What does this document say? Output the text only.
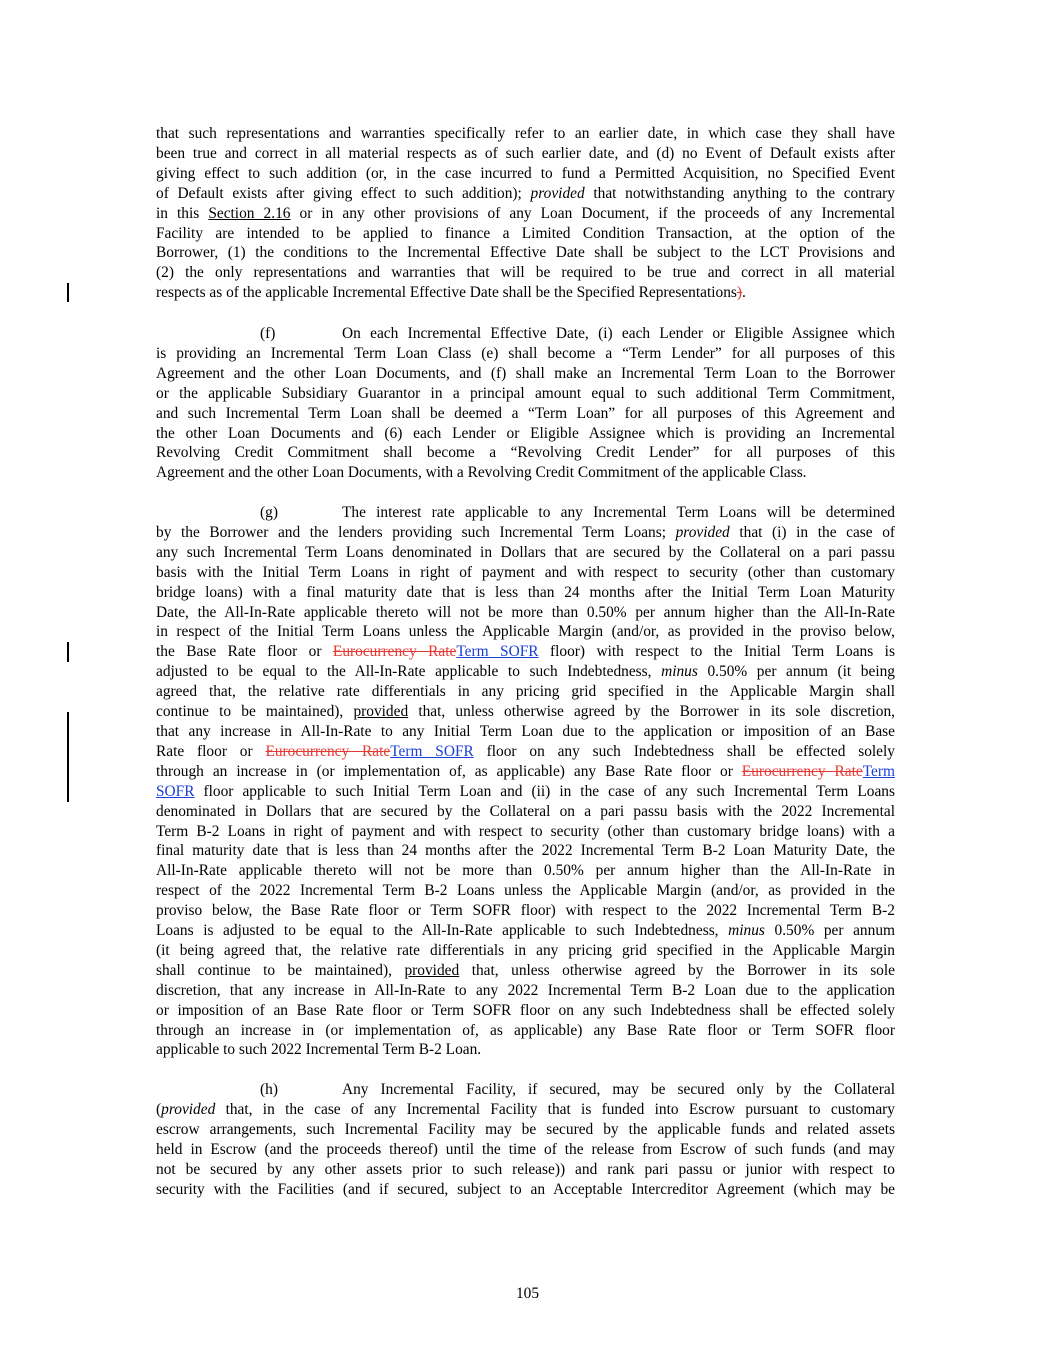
that such representations and warranties specifically refer to an earlier date, in which case they shall have
been true and correct in all material respects as of such earlier date, and (d) no Event of Default exists after
giving effect to such addition (or, in the case incurred to fund a Permitted Acquisition, no Specified Event
of Default exists after giving effect to such addition); provided that notwithstanding anything to the contrary
in this Section 2.16 or in any other provisions of any Loan Document, if the proceeds of any Incremental
Facility are intended to be applied to finance a Limited Condition Transaction, at the option of the
Borrower, (1) the conditions to the Incremental Effective Date shall be subject to the LCT Provisions and
(2) the only representations and warranties that will be required to be true and correct in all material
respects as of the applicable Incremental Effective Date shall be the Specified Representations).
(f)	On each Incremental Effective Date, (i) each Lender or Eligible Assignee which
is providing an Incremental Term Loan Class (e) shall become a “Term Lender” for all purposes of this
Agreement and the other Loan Documents, and (f) shall make an Incremental Term Loan to the Borrower
or the applicable Subsidiary Guarantor in a principal amount equal to such additional Term Commitment,
and such Incremental Term Loan shall be deemed a “Term Loan” for all purposes of this Agreement and
the other Loan Documents and (6) each Lender or Eligible Assignee which is providing an Incremental
Revolving Credit Commitment shall become a “Revolving Credit Lender” for all purposes of this
Agreement and the other Loan Documents, with a Revolving Credit Commitment of the applicable Class.
(g)	The interest rate applicable to any Incremental Term Loans will be determined
by the Borrower and the lenders providing such Incremental Term Loans; provided that (i) in the case of
any such Incremental Term Loans denominated in Dollars that are secured by the Collateral on a pari passu
basis with the Initial Term Loans in right of payment and with respect to security (other than customary
bridge loans) with a final maturity date that is less than 24 months after the Initial Term Loan Maturity
Date, the All-In-Rate applicable thereto will not be more than 0.50% per annum higher than the All-In-Rate
in respect of the Initial Term Loans unless the Applicable Margin (and/or, as provided in the proviso below,
the Base Rate floor or Eurocurrency RateTerm SOFR floor) with respect to the Initial Term Loans is
adjusted to be equal to the All-In-Rate applicable to such Indebtedness, minus 0.50% per annum (it being
agreed that, the relative rate differentials in any pricing grid specified in the Applicable Margin shall
continue to be maintained), provided that, unless otherwise agreed by the Borrower in its sole discretion,
that any increase in All-In-Rate to any Initial Term Loan due to the application or imposition of an Base
Rate floor or Eurocurrency RateTerm SOFR floor on any such Indebtedness shall be effected solely
through an increase in (or implementation of, as applicable) any Base Rate floor or Eurocurrency RateTerm
SOFR floor applicable to such Initial Term Loan and (ii) in the case of any such Incremental Term Loans
denominated in Dollars that are secured by the Collateral on a pari passu basis with the 2022 Incremental
Term B-2 Loans in right of payment and with respect to security (other than customary bridge loans) with a
final maturity date that is less than 24 months after the 2022 Incremental Term B-2 Loan Maturity Date, the
All-In-Rate applicable thereto will not be more than 0.50% per annum higher than the All-In-Rate in
respect of the 2022 Incremental Term B-2 Loans unless the Applicable Margin (and/or, as provided in the
proviso below, the Base Rate floor or Term SOFR floor) with respect to the 2022 Incremental Term B-2
Loans is adjusted to be equal to the All-In-Rate applicable to such Indebtedness, minus 0.50% per annum
(it being agreed that, the relative rate differentials in any pricing grid specified in the Applicable Margin
shall continue to be maintained), provided that, unless otherwise agreed by the Borrower in its sole
discretion, that any increase in All-In-Rate to any 2022 Incremental Term B-2 Loan due to the application
or imposition of an Base Rate floor or Term SOFR floor on any such Indebtedness shall be effected solely
through an increase in (or implementation of, as applicable) any Base Rate floor or Term SOFR floor
applicable to such 2022 Incremental Term B-2 Loan.
(h)	Any Incremental Facility, if secured, may be secured only by the Collateral
(provided that, in the case of any Incremental Facility that is funded into Escrow pursuant to customary
escrow arrangements, such Incremental Facility may be secured by the applicable funds and related assets
held in Escrow (and the proceeds thereof) until the time of the release from Escrow of such funds (and may
not be secured by any other assets prior to such release)) and rank pari passu or junior with respect to
security with the Facilities (and if secured, subject to an Acceptable Intercreditor Agreement (which may be
105
